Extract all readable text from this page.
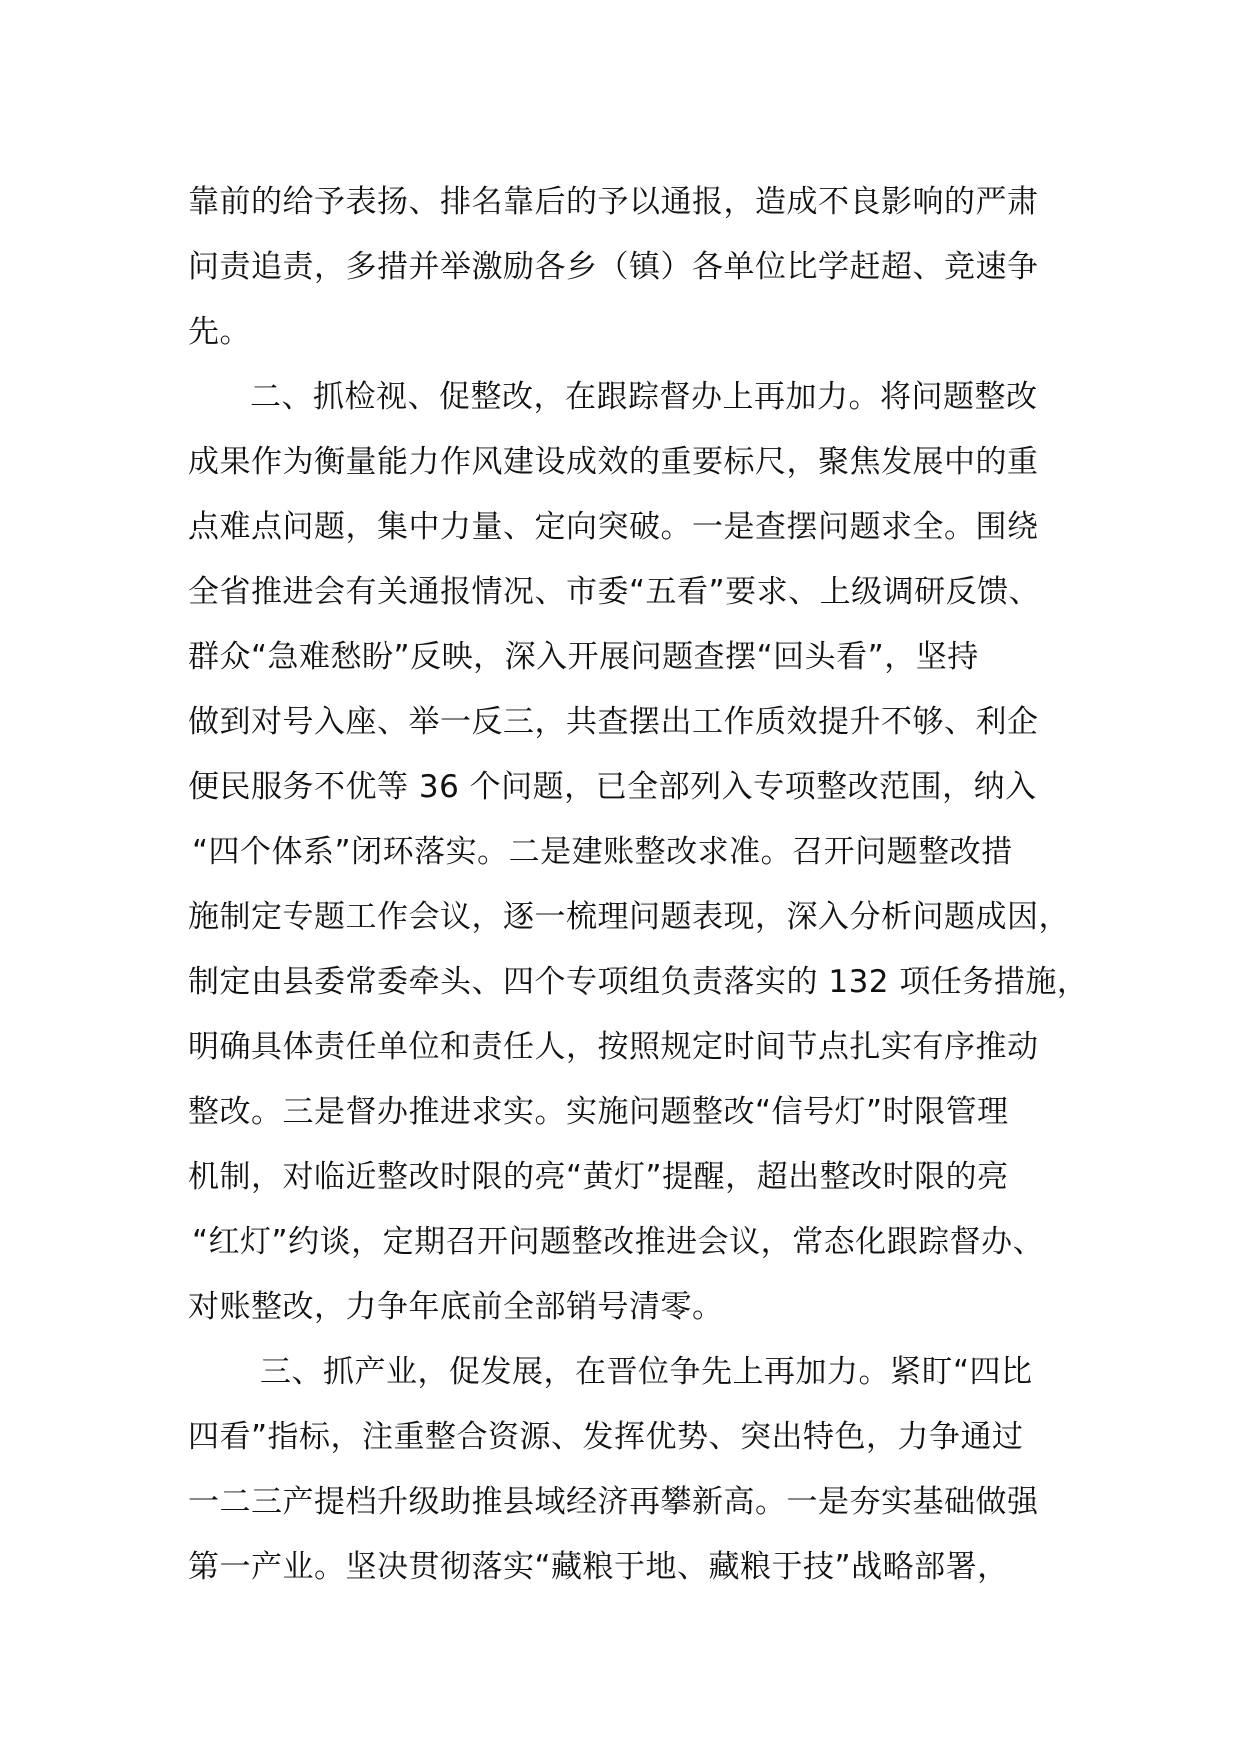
靠前的给予表扬、排名靠后的予以通报，造成不良影响的严肃
问责追责，多措并举激励各乡（镇）各单位比学赶超、竞速争
先。
二、抓检视、促整改，在跟踪督办上再加力。将问题整改
成果作为衡量能力作风建设成效的重要标尺，聚焦发展中的重
点难点问题，集中力量、定向突破。一是查摆问题求全。围绕
全省推进会有关通报情况、市委“五看”要求、上级调研反馈、
群众“急难愁盼”反映，深入开展问题查摆“回头看”，坚持
做到对号入座、举一反三，共查摆出工作质效提升不够、利企
便民服务不优等 36 个问题，已全部列入专项整改范围，纳入
“四个体系”闭环落实。二是建账整改求准。召开问题整改措
施制定专题工作会议，逐一梳理问题表现，深入分析问题成因，
制定由县委常委牵头、四个专项组负责落实的 132 项任务措施，
明确具体责任单位和责任人，按照规定时间节点扎实有序推动
整改。三是督办推进求实。实施问题整改“信号灯”时限管理
机制，对临近整改时限的亮“黄灯”提醒，超出整改时限的亮
“红灯”约谈，定期召开问题整改推进会议，常态化跟踪督办、
对账整改，力争年底前全部销号清零。
三、抓产业，促发展，在晋位争先上再加力。紧盯“四比
四看”指标，注重整合资源、发挥优势、突出特色，力争通过
一二三产提档升级助推县域经济再攀新高。一是夯实基础做强
第一产业。坚决贯彻落实“藏粮于地、藏粮于技”战略部署，
